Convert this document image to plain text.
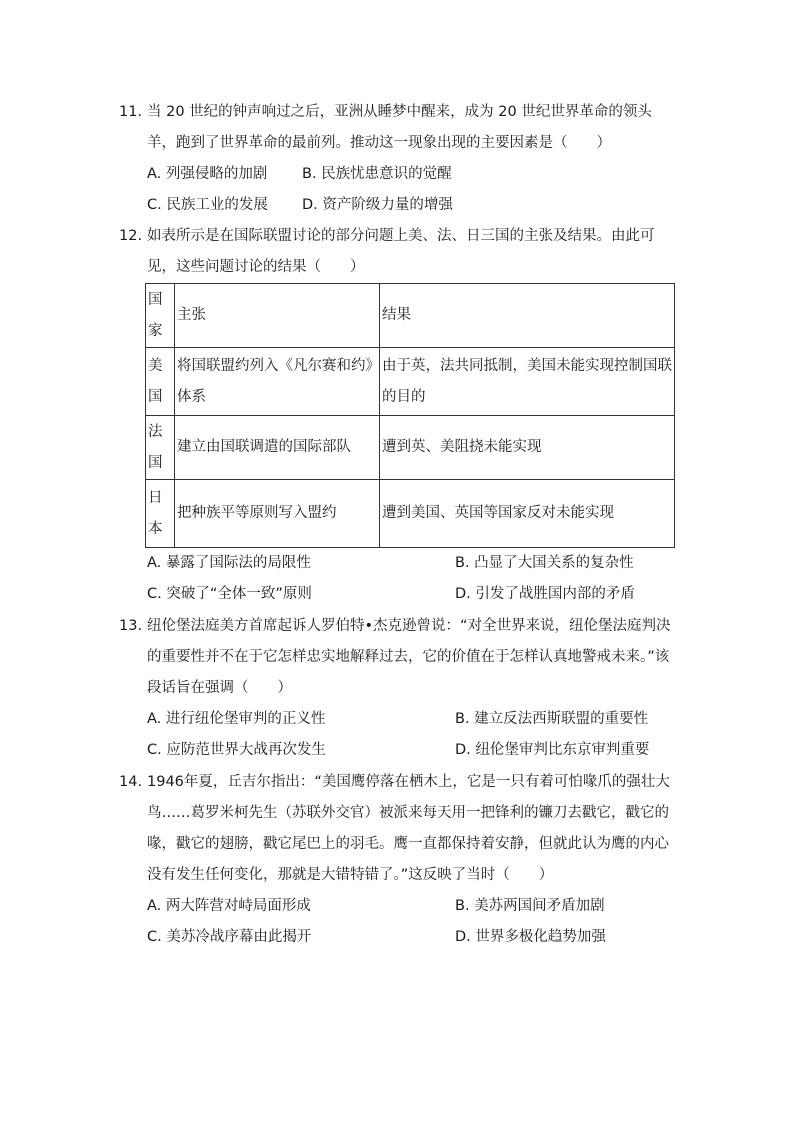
11. 当 20 世纪的钟声响过之后，亚洲从睡梦中醒来，成为 20 世纪世界革命的领头羊，跑到了世界革命的最前列。推动这一现象出现的主要因素是（　　）
A. 列强侵略的加剧 B. 民族忧患意识的觉醒
C. 民族工业的发展 D. 资产阶级力量的增强
12. 如表所示是在国际联盟讨论的部分问题上美、法、日三国的主张及结果。由此可见，这些问题讨论的结果（　　）
国家	主张	结果
美国	将国联盟约列入《凡尔赛和约》体系	由于英，法共同抵制，美国未能实现控制国联的目的
法国	建立由国联调遣的国际部队	遭到英、美阻挠未能实现
日本	把种族平等原则写入盟约	遭到美国、英国等国家反对未能实现
A. 暴露了国际法的局限性	B. 凸显了大国关系的复杂性
C. 突破了“全体一致”原则	D. 引发了战胜国内部的矛盾
13. 纽伦堡法庭美方首席起诉人罗伯特•杰克逊曾说：“对全世界来说，纽伦堡法庭判决的重要性并不在于它怎样忠实地解释过去，它的价值在于怎样认真地警戒未来。”该段话旨在强调（　　）
A. 进行纽伦堡审判的正义性	B. 建立反法西斯联盟的重要性
C. 应防范世界大战再次发生	D. 纽伦堡审判比东京审判重要
14. 1946年夏，丘吉尔指出：“美国鹰停落在栖木上，它是一只有着可怕喙爪的强壮大鸟……葛罗米柯先生（苏联外交官）被派来每天用一把锋利的镰刀去戳它，戳它的喙，戳它的翅膀，戳它尾巴上的羽毛。鹰一直都保持着安静，但就此认为鹰的内心没有发生任何变化，那就是大错特错了。”这反映了当时（　　）
A. 两大阵营对峙局面形成	B. 美苏两国间矛盾加剧
C. 美苏冷战序幕由此揭开	D. 世界多极化趋势加强
